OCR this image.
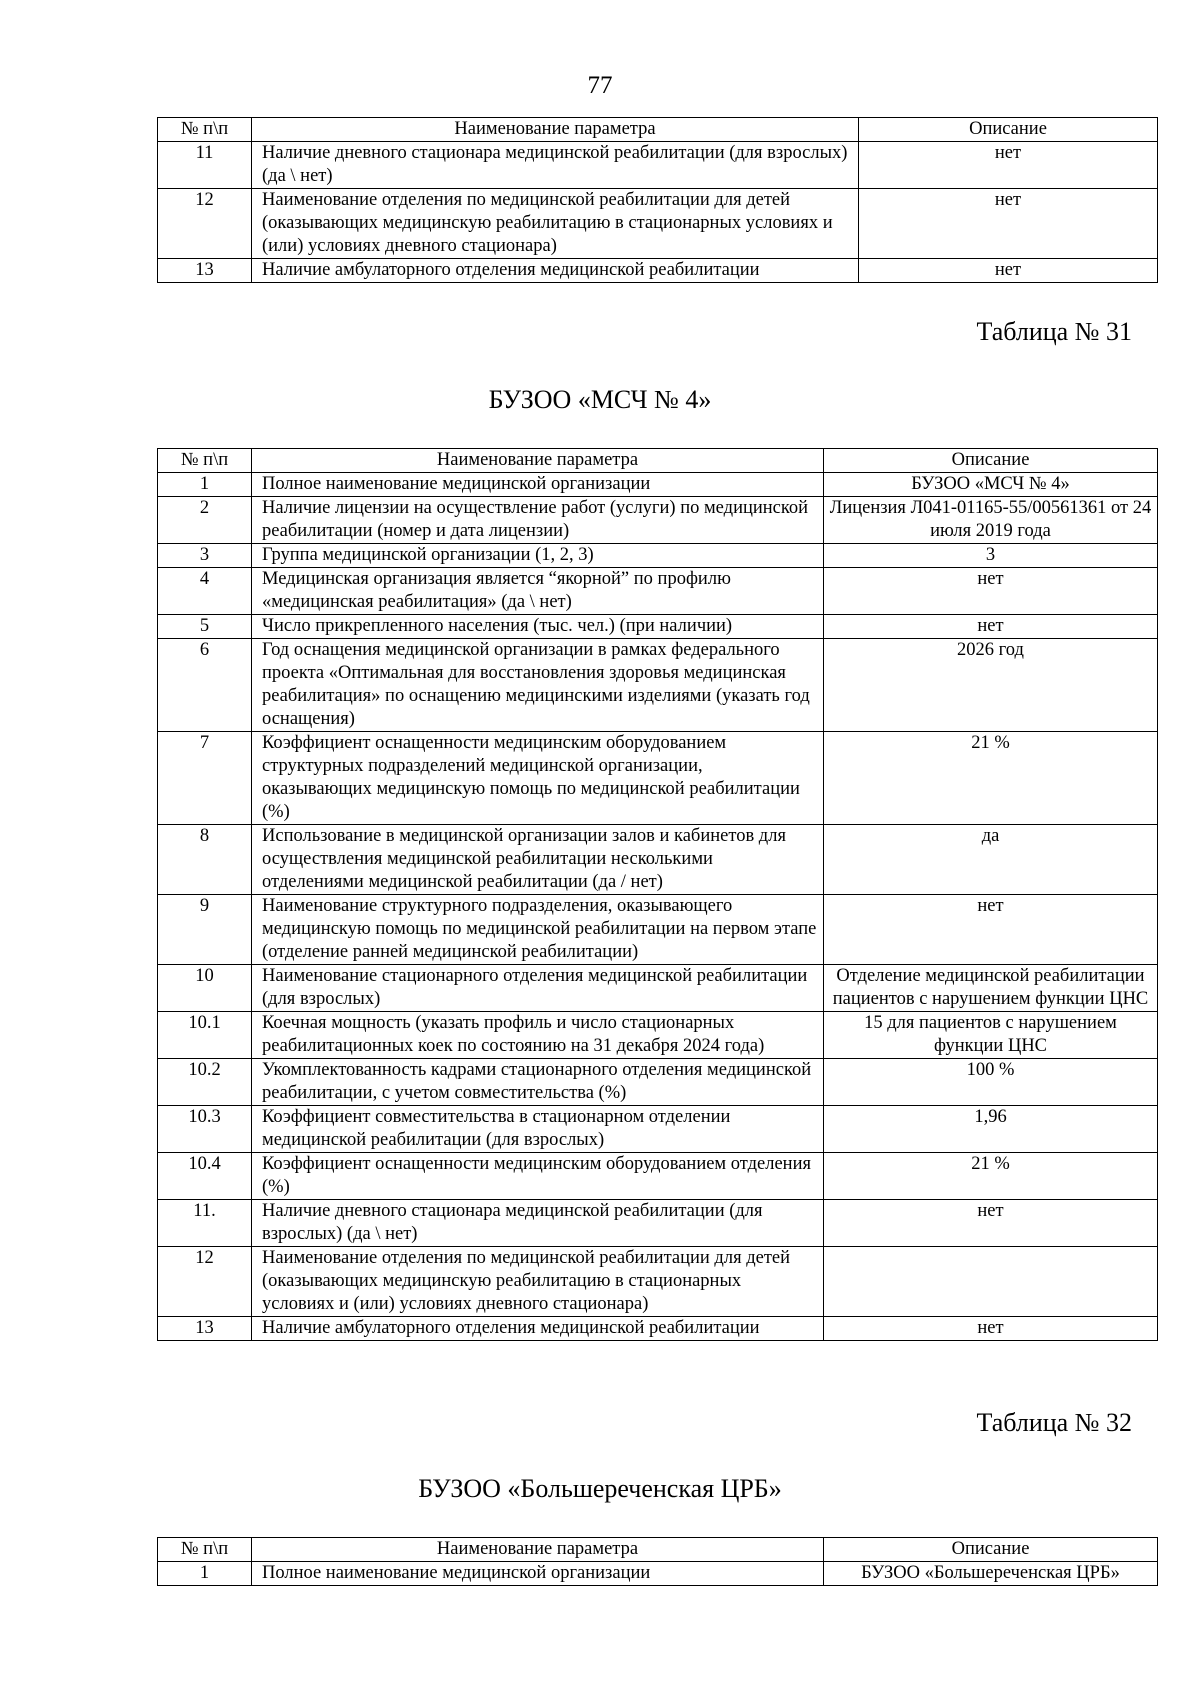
77
№ п\п	Наименование параметра	Описание
11	Наличие дневного стационара медицинской реабилитации (для взрослых) (да \ нет)	нет
12	Наименование отделения по медицинской реабилитации для детей (оказывающих медицинскую реабилитацию в стационарных условиях и (или) условиях дневного стационара)	нет
13	Наличие амбулаторного отделения медицинской реабилитации	нет
Таблица № 31
БУЗОО «МСЧ № 4»
№ п\п	Наименование параметра	Описание
1	Полное наименование медицинской организации	БУЗОО «МСЧ № 4»
2	Наличие лицензии на осуществление работ (услуги) по медицинской реабилитации (номер и дата лицензии)	Лицензия Л041-01165-55/00561361 от 24 июля 2019 года
3	Группа медицинской организации (1, 2, 3)	3
4	Медицинская организация является “якорной” по профилю «медицинская реабилитация» (да \ нет)	нет
5	Число прикрепленного населения (тыс. чел.) (при наличии)	нет
6	Год оснащения медицинской организации в рамках федерального проекта «Оптимальная для восстановления здоровья медицинская реабилитация» по оснащению медицинскими изделиями (указать год оснащения)	2026 год
7	Коэффициент оснащенности медицинским оборудованием структурных подразделений медицинской организации, оказывающих медицинскую помощь по медицинской реабилитации (%)	21 %
8	Использование в медицинской организации залов и кабинетов для осуществления медицинской реабилитации несколькими отделениями медицинской реабилитации (да / нет)	да
9	Наименование структурного подразделения, оказывающего медицинскую помощь по медицинской реабилитации на первом этапе (отделение ранней медицинской реабилитации)	нет
10	Наименование стационарного отделения медицинской реабилитации (для взрослых)	Отделение медицинской реабилитации пациентов с нарушением функции ЦНС
10.1	Коечная мощность (указать профиль и число стационарных реабилитационных коек по состоянию на 31 декабря 2024 года)	15 для пациентов с нарушением функции ЦНС
10.2	Укомплектованность кадрами стационарного отделения медицинской реабилитации, с учетом совместительства (%)	100 %
10.3	Коэффициент совместительства в стационарном отделении медицинской реабилитации (для взрослых)	1,96
10.4	Коэффициент оснащенности медицинским оборудованием отделения (%)	21 %
11.	Наличие дневного стационара медицинской реабилитации (для взрослых) (да \ нет)	нет
12	Наименование отделения по медицинской реабилитации для детей (оказывающих медицинскую реабилитацию в стационарных условиях и (или) условиях дневного стационара)	
13	Наличие амбулаторного отделения медицинской реабилитации	нет
Таблица № 32
БУЗОО «Большереченская ЦРБ»
№ п\п	Наименование параметра	Описание
1	Полное наименование медицинской организации	БУЗОО «Большереченская ЦРБ»
